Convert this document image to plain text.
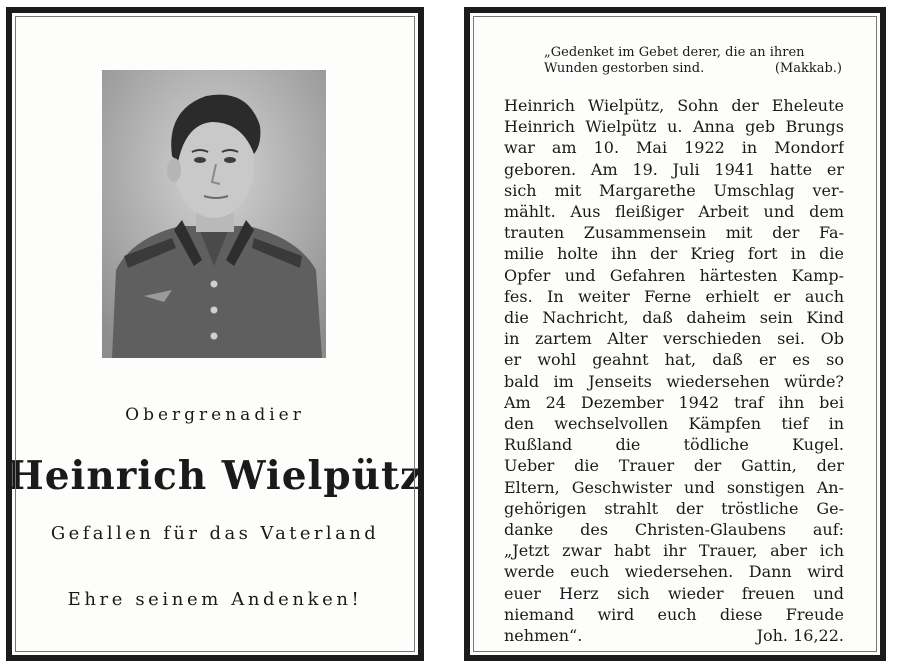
Obergrenadier
Heinrich Wielpütz
Gefallen für das Vaterland
Ehre seinem Andenken!
„Gedenket im Gebet derer, die an ihren
Wunden gestorben sind.	(Makkab.)
Heinrich Wielpütz, Sohn der Eheleute
Heinrich Wielpütz u. Anna geb Brungs
war am 10. Mai 1922 in Mondorf
geboren. Am 19. Juli 1941 hatte er
sich mit Margarethe Umschlag ver-
mählt. Aus fleißiger Arbeit und dem
trauten Zusammensein mit der Fa-
milie holte ihn der Krieg fort in die
Opfer und Gefahren härtesten Kamp-
fes. In weiter Ferne erhielt er auch
die Nachricht, daß daheim sein Kind
in zartem Alter verschieden sei. Ob
er wohl geahnt hat, daß er es so
bald im Jenseits wiedersehen würde?
Am 24 Dezember 1942 traf ihn bei
den wechselvollen Kämpfen tief in
Rußland die tödliche Kugel.
Ueber die Trauer der Gattin, der
Eltern, Geschwister und sonstigen An-
gehörigen strahlt der tröstliche Ge-
danke des Christen-Glaubens auf:
„Jetzt zwar habt ihr Trauer, aber ich
werde euch wiedersehen. Dann wird
euer Herz sich wieder freuen und
niemand wird euch diese Freude
nehmen“.	Joh. 16,22.
